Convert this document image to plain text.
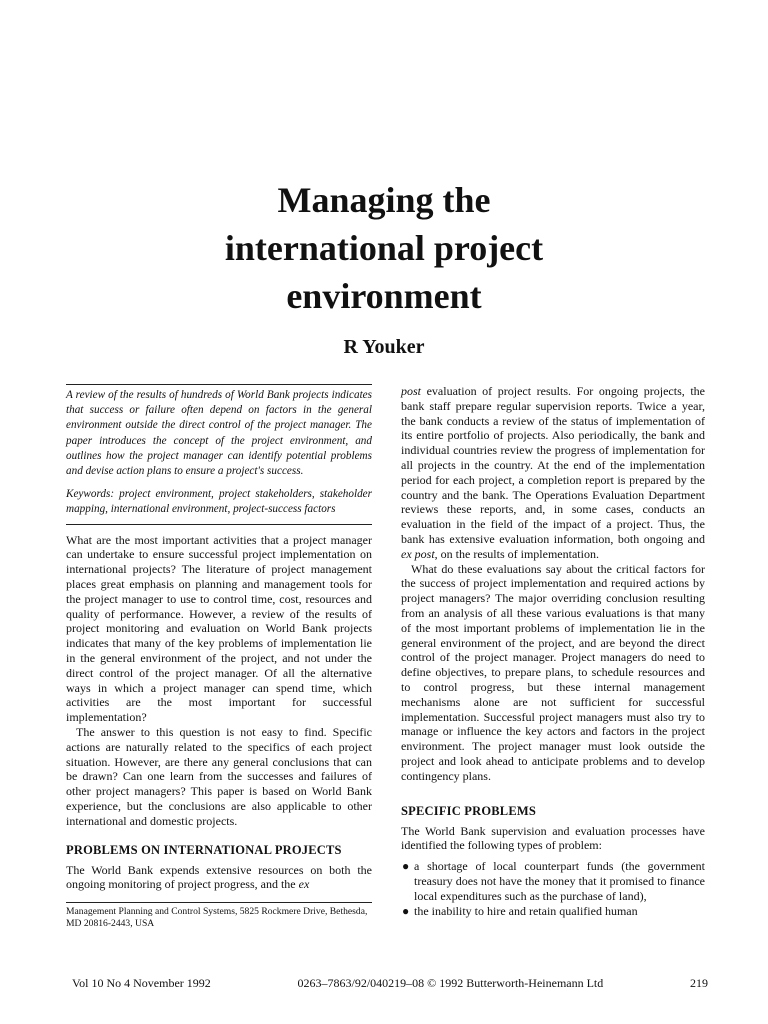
Managing the
international project
environment

R Youker

A review of the results of hundreds of World Bank projects indicates that success or failure often depend on factors in the general environment outside the direct control of the project manager. The paper introduces the concept of the project environment, and outlines how the project manager can identify potential problems and devise action plans to ensure a project's success.

Keywords: project environment, project stakeholders, stakeholder mapping, international environment, project-success factors

What are the most important activities that a project manager can undertake to ensure successful project implementation on international projects? The literature of project management places great emphasis on planning and management tools for the project manager to use to control time, cost, resources and quality of performance. However, a review of the results of project monitoring and evaluation on World Bank projects indicates that many of the key problems of implementation lie in the general environment of the project, and not under the direct control of the project manager. Of all the alternative ways in which a project manager can spend time, which activities are the most important for successful implementation?

The answer to this question is not easy to find. Specific actions are naturally related to the specifics of each project situation. However, are there any general conclusions that can be drawn? Can one learn from the successes and failures of other project managers? This paper is based on World Bank experience, but the conclusions are also applicable to other international and domestic projects.

PROBLEMS ON INTERNATIONAL PROJECTS

The World Bank expends extensive resources on both the ongoing monitoring of project progress, and the ex

Management Planning and Control Systems, 5825 Rockmere Drive, Bethesda, MD 20816-2443, USA

post evaluation of project results. For ongoing projects, the bank staff prepare regular supervision reports. Twice a year, the bank conducts a review of the status of implementation of its entire portfolio of projects. Also periodically, the bank and individual countries review the progress of implementation for all projects in the country. At the end of the implementation period for each project, a completion report is prepared by the country and the bank. The Operations Evaluation Department reviews these reports, and, in some cases, conducts an evaluation in the field of the impact of a project. Thus, the bank has extensive evaluation information, both ongoing and ex post, on the results of implementation.

What do these evaluations say about the critical factors for the success of project implementation and required actions by project managers? The major overriding conclusion resulting from an analysis of all these various evaluations is that many of the most important problems of implementation lie in the general environment of the project, and are beyond the direct control of the project manager. Project managers do need to define objectives, to prepare plans, to schedule resources and to control progress, but these internal management mechanisms alone are not sufficient for successful implementation. Successful project managers must also try to manage or influence the key actors and factors in the project environment. The project manager must look outside the project and look ahead to anticipate problems and to develop contingency plans.

SPECIFIC PROBLEMS

The World Bank supervision and evaluation processes have identified the following types of problem:

● a shortage of local counterpart funds (the government treasury does not have the money that it promised to finance local expenditures such as the purchase of land),
● the inability to hire and retain qualified human
Vol 10 No 4 November 1992	0263–7863/92/040219–08 © 1992 Butterworth-Heinemann Ltd	219
